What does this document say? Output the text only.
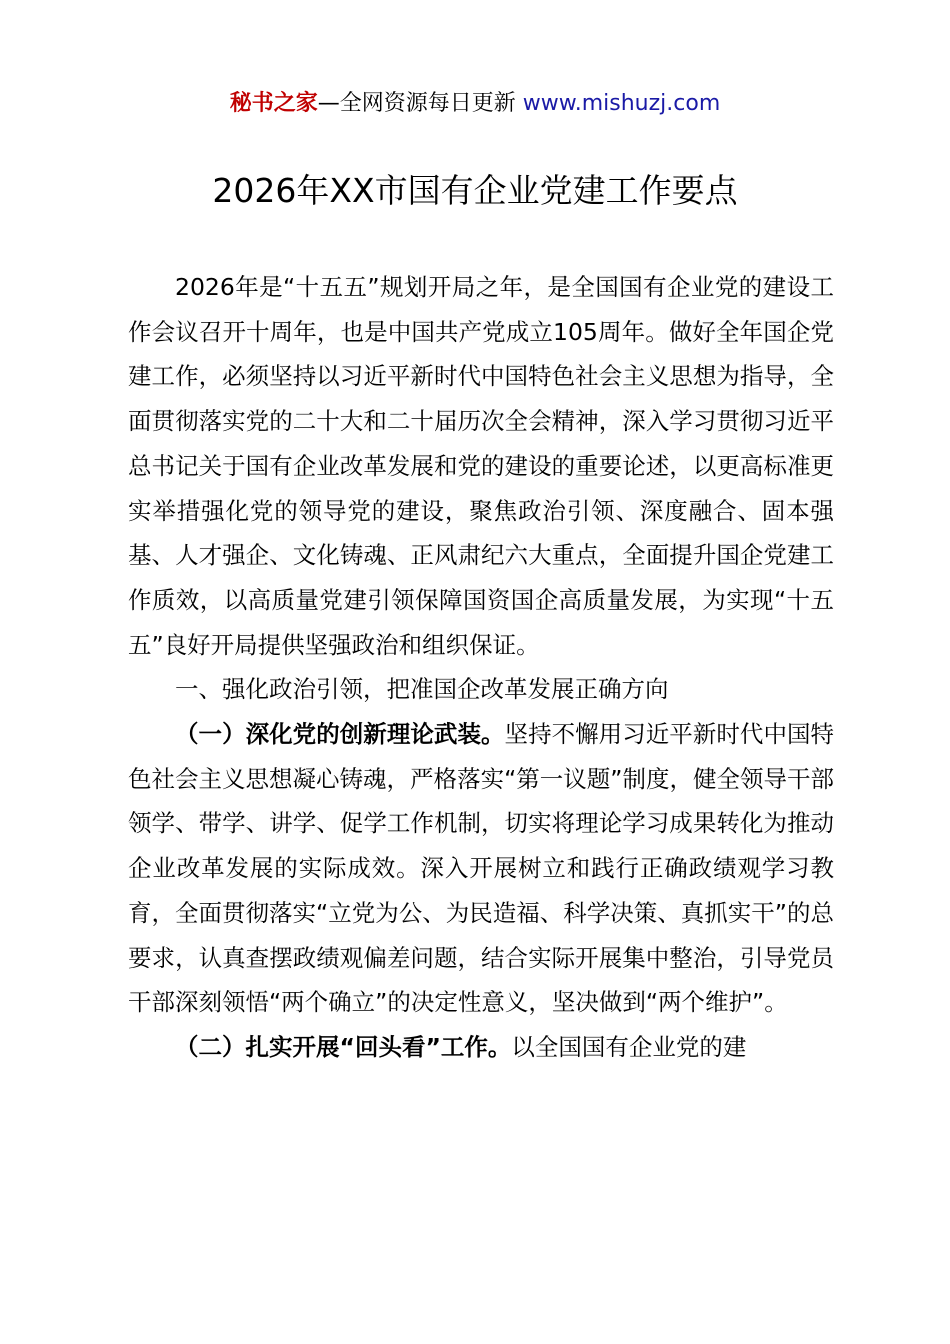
秘书之家—全网资源每日更新 www.mishuzj.com
2026年XX市国有企业党建工作要点

2026年是“十五五”规划开局之年，是全国国有企业党的建设工作会议召开十周年，也是中国共产党成立105周年。做好全年国企党建工作，必须坚持以习近平新时代中国特色社会主义思想为指导，全面贯彻落实党的二十大和二十届历次全会精神，深入学习贯彻习近平总书记关于国有企业改革发展和党的建设的重要论述，以更高标准更实举措强化党的领导党的建设，聚焦政治引领、深度融合、固本强基、人才强企、文化铸魂、正风肃纪六大重点，全面提升国企党建工作质效，以高质量党建引领保障国资国企高质量发展，为实现“十五五”良好开局提供坚强政治和组织保证。

一、强化政治引领，把准国企改革发展正确方向

（一）深化党的创新理论武装。坚持不懈用习近平新时代中国特色社会主义思想凝心铸魂，严格落实“第一议题”制度，健全领导干部领学、带学、讲学、促学工作机制，切实将理论学习成果转化为推动企业改革发展的实际成效。深入开展树立和践行正确政绩观学习教育，全面贯彻落实“立党为公、为民造福、科学决策、真抓实干”的总要求，认真查摆政绩观偏差问题，结合实际开展集中整治，引导党员干部深刻领悟“两个确立”的决定性意义，坚决做到“两个维护”。

（二）扎实开展“回头看”工作。以全国国有企业党的建
